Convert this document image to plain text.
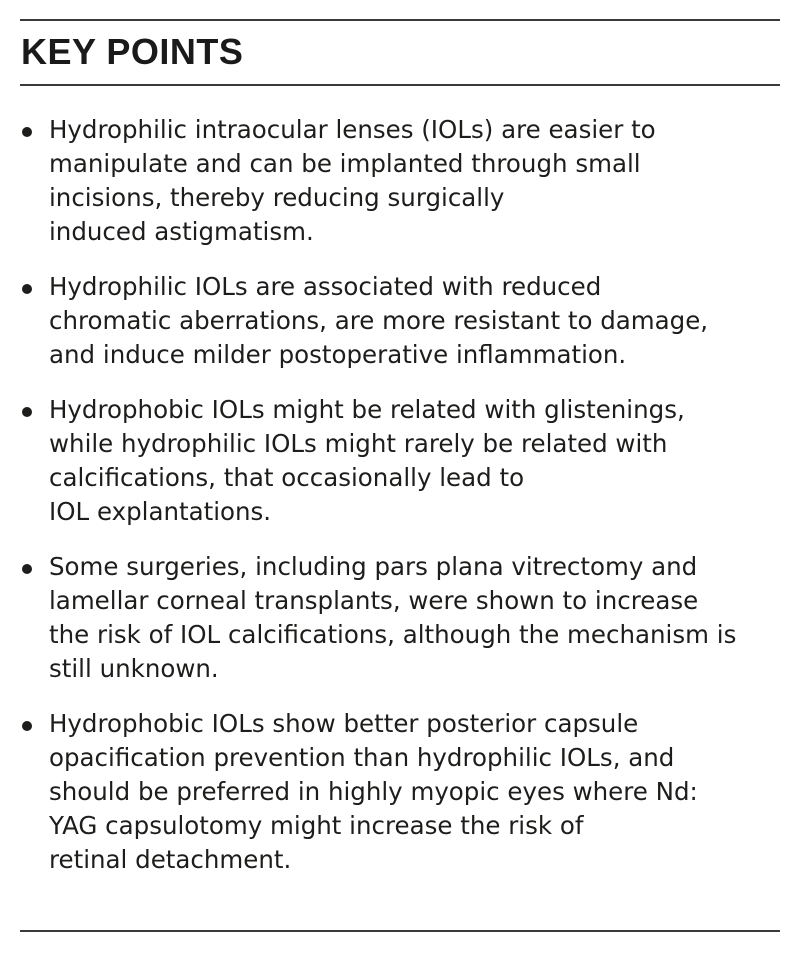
KEY POINTS
Hydrophilic intraocular lenses (IOLs) are easier to
manipulate and can be implanted through small
incisions, thereby reducing surgically
induced astigmatism.
Hydrophilic IOLs are associated with reduced
chromatic aberrations, are more resistant to damage,
and induce milder postoperative inflammation.
Hydrophobic IOLs might be related with glistenings,
while hydrophilic IOLs might rarely be related with
calcifications, that occasionally lead to
IOL explantations.
Some surgeries, including pars plana vitrectomy and
lamellar corneal transplants, were shown to increase
the risk of IOL calcifications, although the mechanism is
still unknown.
Hydrophobic IOLs show better posterior capsule
opacification prevention than hydrophilic IOLs, and
should be preferred in highly myopic eyes where Nd:
YAG capsulotomy might increase the risk of
retinal detachment.
